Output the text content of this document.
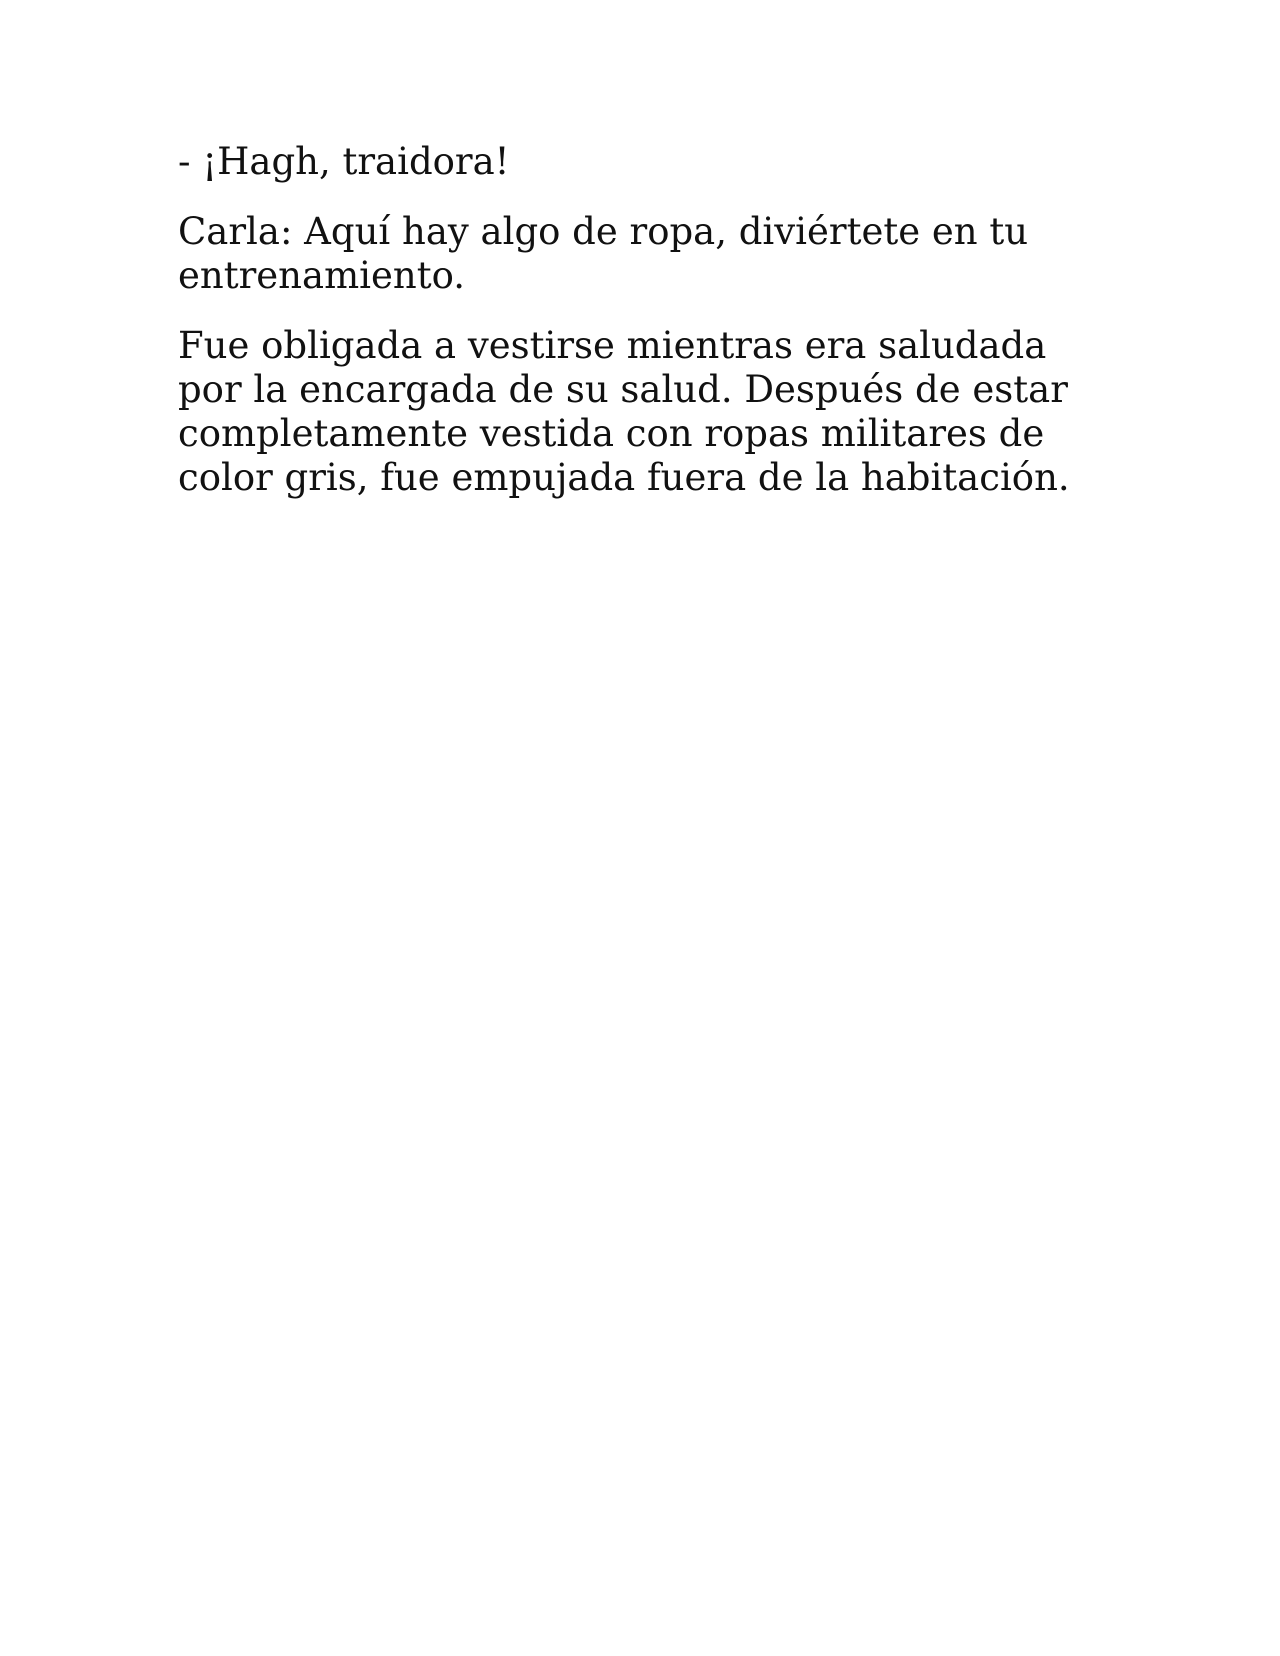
- ¡Hagh, traidora!

Carla: Aquí hay algo de ropa, diviértete en tu entrenamiento.

Fue obligada a vestirse mientras era saludada por la encargada de su salud. Después de estar completamente vestida con ropas militares de color gris, fue empujada fuera de la habitación.
